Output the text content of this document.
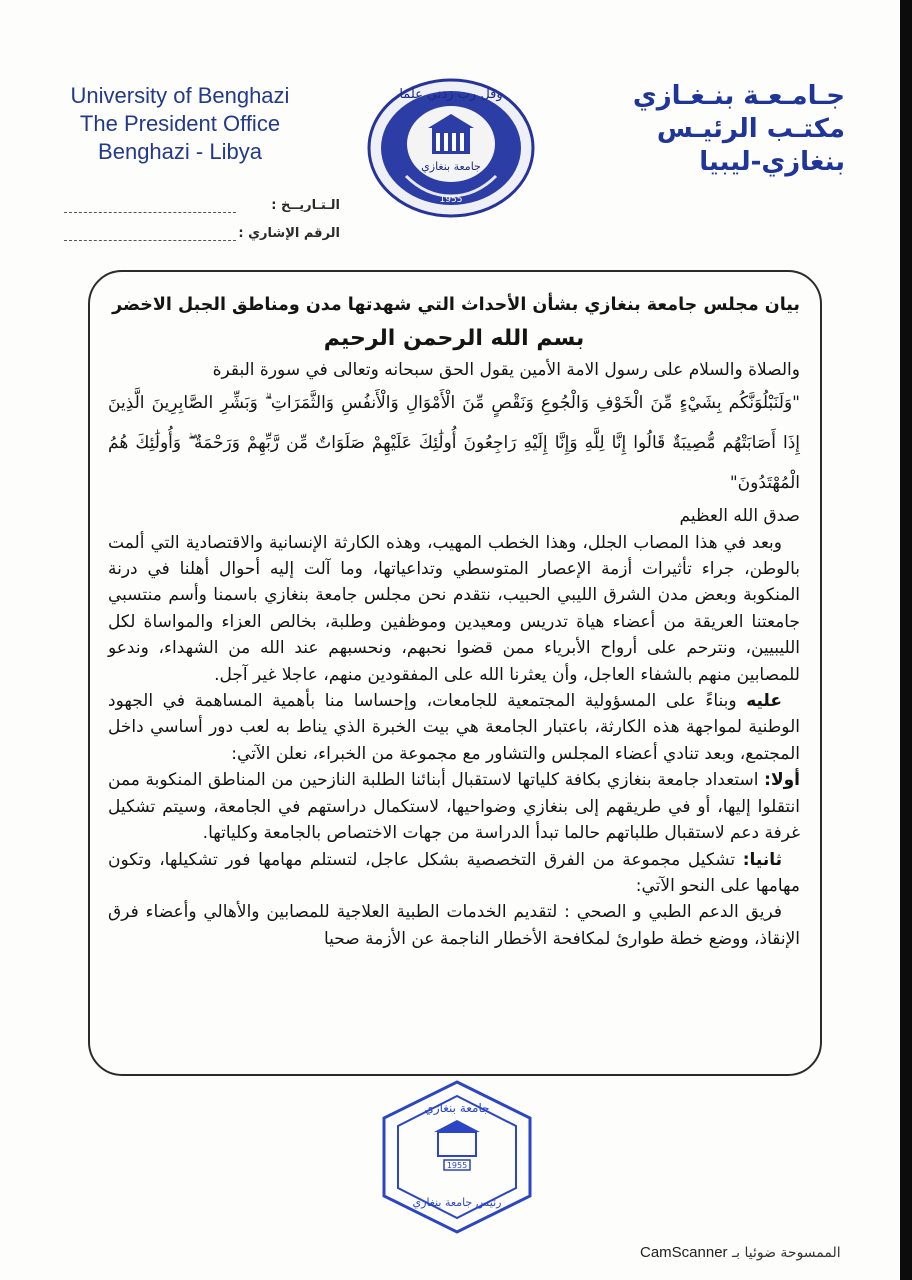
University of Benghazi
The President Office
Benghazi - Libya
جامعة بنغازي
1955
وقل رب زدني علما	جـامـعـة بنـغـازي
مكتـب الرئيـس
بنغازي-ليبيا
الـتـاريــخ :
الرقم الإشاري :

بيان مجلس جامعة بنغازي بشأن الأحداث التي شهدتها مدن ومناطق الجبل الاخضر

بسم الله الرحمن الرحيم

والصلاة والسلام على رسول الامة الأمين يقول الحق سبحانه وتعالى في سورة البقرة

"وَلَنَبْلُوَنَّكُم بِشَيْءٍ مِّنَ الْخَوْفِ وَالْجُوعِ وَنَقْصٍ مِّنَ الْأَمْوَالِ وَالْأَنفُسِ وَالثَّمَرَاتِ ۗ وَبَشِّرِ الصَّابِرِينَ الَّذِينَ إِذَا أَصَابَتْهُم مُّصِيبَةٌ قَالُوا إِنَّا لِلَّهِ وَإِنَّا إِلَيْهِ رَاجِعُونَ أُولَٰئِكَ عَلَيْهِمْ صَلَوَاتٌ مِّن رَّبِّهِمْ وَرَحْمَةٌ ۖ وَأُولَٰئِكَ هُمُ الْمُهْتَدُونَ"

صدق الله العظيم

وبعد في هذا المصاب الجلل، وهذا الخطب المهيب، وهذه الكارثة الإنسانية والاقتصادية التي ألمت بالوطن، جراء تأثيرات أزمة الإعصار المتوسطي وتداعياتها، وما آلت إليه أحوال أهلنا في درنة المنكوبة وبعض مدن الشرق الليبي الحبيب، نتقدم نحن مجلس جامعة بنغازي باسمنا وأسم منتسبي جامعتنا العريقة من أعضاء هياة تدريس ومعيدين وموظفين وطلبة، بخالص العزاء والمواساة لكل الليبيين، ونترحم على أرواح الأبرياء ممن قضوا نحبهم، ونحسبهم عند الله من الشهداء، وندعو للمصابين منهم بالشفاء العاجل، وأن يعثرنا الله على المفقودين منهم، عاجلا غير آجل.

عليه وبناءً على المسؤولية المجتمعية للجامعات، وإحساسا منا بأهمية المساهمة في الجهود الوطنية لمواجهة هذه الكارثة، باعتبار الجامعة هي بيت الخبرة الذي يناط به لعب دور أساسي داخل المجتمع، وبعد تنادي أعضاء المجلس والتشاور مع مجموعة من الخبراء، نعلن الآتي:

أولا: استعداد جامعة بنغازي بكافة كلياتها لاستقبال أبنائنا الطلبة النازحين من المناطق المنكوبة ممن انتقلوا إليها، أو في طريقهم إلى بنغازي وضواحيها، لاستكمال دراستهم في الجامعة، وسيتم تشكيل غرفة دعم لاستقبال طلباتهم حالما تبدأ الدراسة من جهات الاختصاص بالجامعة وكلياتها.

ثانيا: تشكيل مجموعة من الفرق التخصصية بشكل عاجل، لتستلم مهامها فور تشكيلها، وتكون مهامها على النحو الآتي:

فريق الدعم الطبي و الصحي : لتقديم الخدمات الطبية العلاجية للمصابين والأهالي وأعضاء فرق الإنقاذ، ووضع خطة طوارئ لمكافحة الأخطار الناجمة عن الأزمة صحيا

1955
جامعة بنغازي
رئيس جامعة بنغازي
الممسوحة ضوئيا بـ CamScanner
